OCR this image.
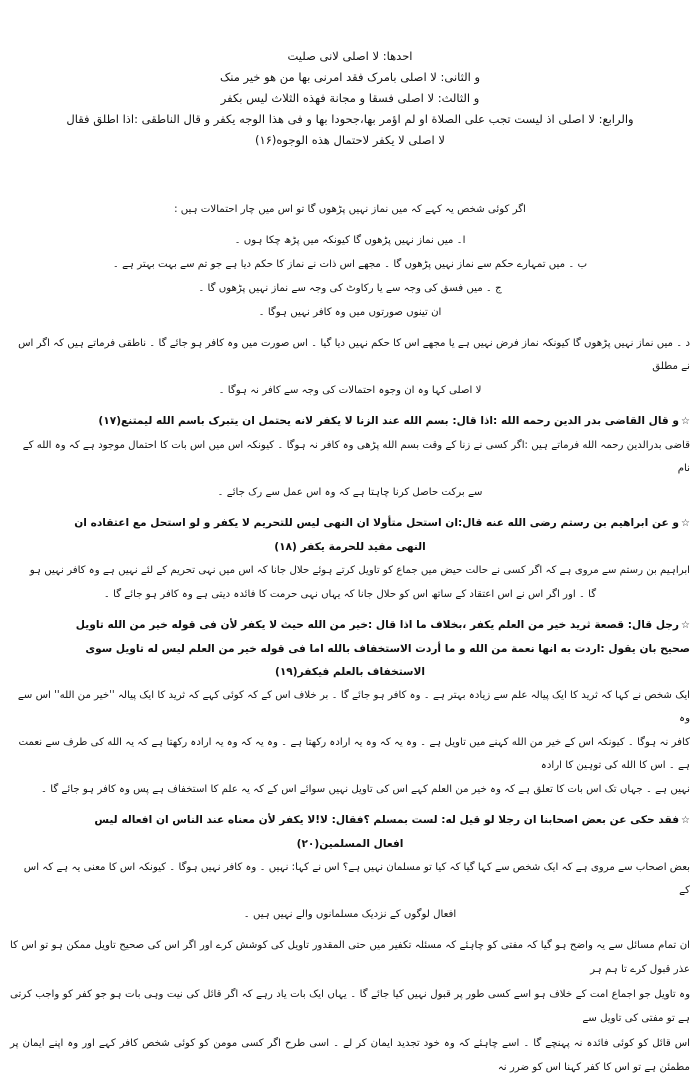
احدها: لا اصلی لانی صلیت
و الثانی: لا اصلی بامرک فقد امرنی بها من هو خیر منک
و الثالث: لا اصلی فسقا و مجانة فهذه الثلاث لیس بکفر
والرابع: لا اصلی اذ لیست تجب علی الصلاة او لم اؤمر بها،جحودا بها و فی هذا الوجه یکفر و قال الناطقی :اذا اطلق فقال
لا اصلی لا یکفر لاحتمال هذه الوجوه(۱۶)

اگر کوئی شخص یہ کہے کہ میں نماز نہیں پڑھوں گا تو اس میں چار احتمالات ہیں :

ا۔ میں نماز نہیں پڑھوں گا کیونکہ میں پڑھ چکا ہوں ۔

ب ۔ میں تمہارے حکم سے نماز نہیں پڑھوں گا ۔ مجھے اس ذات نے نماز کا حکم دیا ہے جو تم سے بہت بہتر ہے ۔

ج ۔ میں فسق کی وجہ سے یا رکاوٹ کی وجہ سے نماز نہیں پڑھوں گا ۔

ان تینوں صورتوں میں وہ کافر نہیں ہوگا ۔

د ۔ میں نماز نہیں پڑھوں گا کیونکہ نماز فرض نہیں ہے یا مجھے اس کا حکم نہیں دیا گیا ۔ اس صورت میں وہ کافر ہو جائے گا ۔ ناطقی فرماتے ہیں کہ اگر اس نے مطلق

لا اصلی کہا وہ ان وجوہ احتمالات کی وجہ سے کافر نہ ہوگا ۔

☆و قال القاضی بدر الدین رحمه الله :اذا قال: بسم الله عند الزنا لا یکفر لانه یحتمل ان یتبرک باسم الله لیمتنع(۱۷)

قاضی بدرالدین رحمہ الله فرماتے ہیں :اگر کسی نے زنا کے وقت بسم الله پڑھی وہ کافر نہ ہوگا ۔ کیونکہ اس میں اس بات کا احتمال موجود ہے کہ وہ الله کے نام

سے برکت حاصل کرنا چاہتا ہے کہ وہ اس عمل سے رک جائے ۔

☆و عن ابراهیم بن رستم رضی الله عنه قال:ان استحل متأولا ان النهی لیس للتحریم لا یکفر و لو استحل مع اعتقاده ان

النهی مفید للحرمة یکفر (۱۸)

ابراہیم بن رستم سے مروی ہے کہ اگر کسی نے حالت حیض میں جماع کو تاویل کرتے ہوئے حلال جانا کہ اس میں نہی تحریم کے لئے نہیں ہے وہ کافر نہیں ہو

گا ۔ اور اگر اس نے اس اعتقاد کے ساتھ اس کو حلال جانا کہ یہاں نہی حرمت کا فائدہ دیتی ہے وہ کافر ہو جائے گا ۔

☆رجل قال: قصعة ثرید خیر من العلم یکفر ،بخلاف ما اذا قال :خیر من الله حیث لا یکفر لأن فی قوله خیر من الله تاویل

صحیح بان یقول :اردت به انها نعمة من الله و ما أردت الاستخفاف بالله اما فی قوله خیر من العلم لیس له تاویل سوی

الاستخفاف بالعلم فیکفر(۱۹)

ایک شخص نے کہا کہ ثرید کا ایک پیالہ علم سے زیادہ بہتر ہے ۔ وہ کافر ہو جائے گا ۔ بر خلاف اس کے کہ کوئی کہے کہ ثرید کا ایک پیالہ ''خیر من الله'' اس سے وہ

کافر نہ ہوگا ۔ کیونکہ اس کے خیر من الله کہنے میں تاویل ہے ۔ وہ یہ کہ وہ یہ ارادہ رکھتا ہے ۔ وہ یہ کہ وہ یہ ارادہ رکھتا ہے کہ یہ الله کی طرف سے نعمت ہے ۔ اس کا الله کی توہین کا ارادہ

نہیں ہے ۔ جہاں تک اس بات کا تعلق ہے کہ وہ خیر من العلم کہے اس کی تاویل نہیں سوائے اس کے کہ یہ علم کا استخفاف ہے پس وہ کافر ہو جائے گا ۔

☆فقد حکی عن بعض اصحابنا ان رجلا لو قیل له: لست بمسلم ؟فقال: لا!لا یکفر لأن معناه عند الناس ان افعاله لیس

افعال المسلمین(۲۰)

بعض اصحاب سے مروی ہے کہ ایک شخص سے کہا گیا کہ کیا تو مسلمان نہیں ہے؟ اس نے کہا: نہیں ۔ وہ کافر نہیں ہوگا ۔ کیونکہ اس کا معنی یہ ہے کہ اس کے

افعال لوگوں کے نزدیک مسلمانوں والے نہیں ہیں ۔

ان تمام مسائل سے یہ واضح ہو گیا کہ مفتی کو چاہئے کہ مسئلہ تکفیر میں حتی المقدور تاویل کی کوشش کرے اور اگر اس کی صحیح تاویل ممکن ہو تو اس کا عذر قبول کرے تا ہم ہر

وہ تاویل جو اجماع امت کے خلاف ہو اسے کسی طور پر قبول نہیں کیا جائے گا ۔ یہاں ایک بات یاد رہے کہ اگر قائل کی نیت وہی بات ہو جو کفر کو واجب کرتی ہے تو مفتی کی تاویل سے

اس قائل کو کوئی فائدہ نہ پہنچے گا ۔ اسے چاہئے کہ وہ خود تجدید ایمان کر لے ۔ اسی طرح اگر کسی مومن کو کوئی شخص کافر کہے اور وہ اپنے ایمان پر مطمئن ہے تو اس کا کفر کہنا اس کو ضرر نہ
